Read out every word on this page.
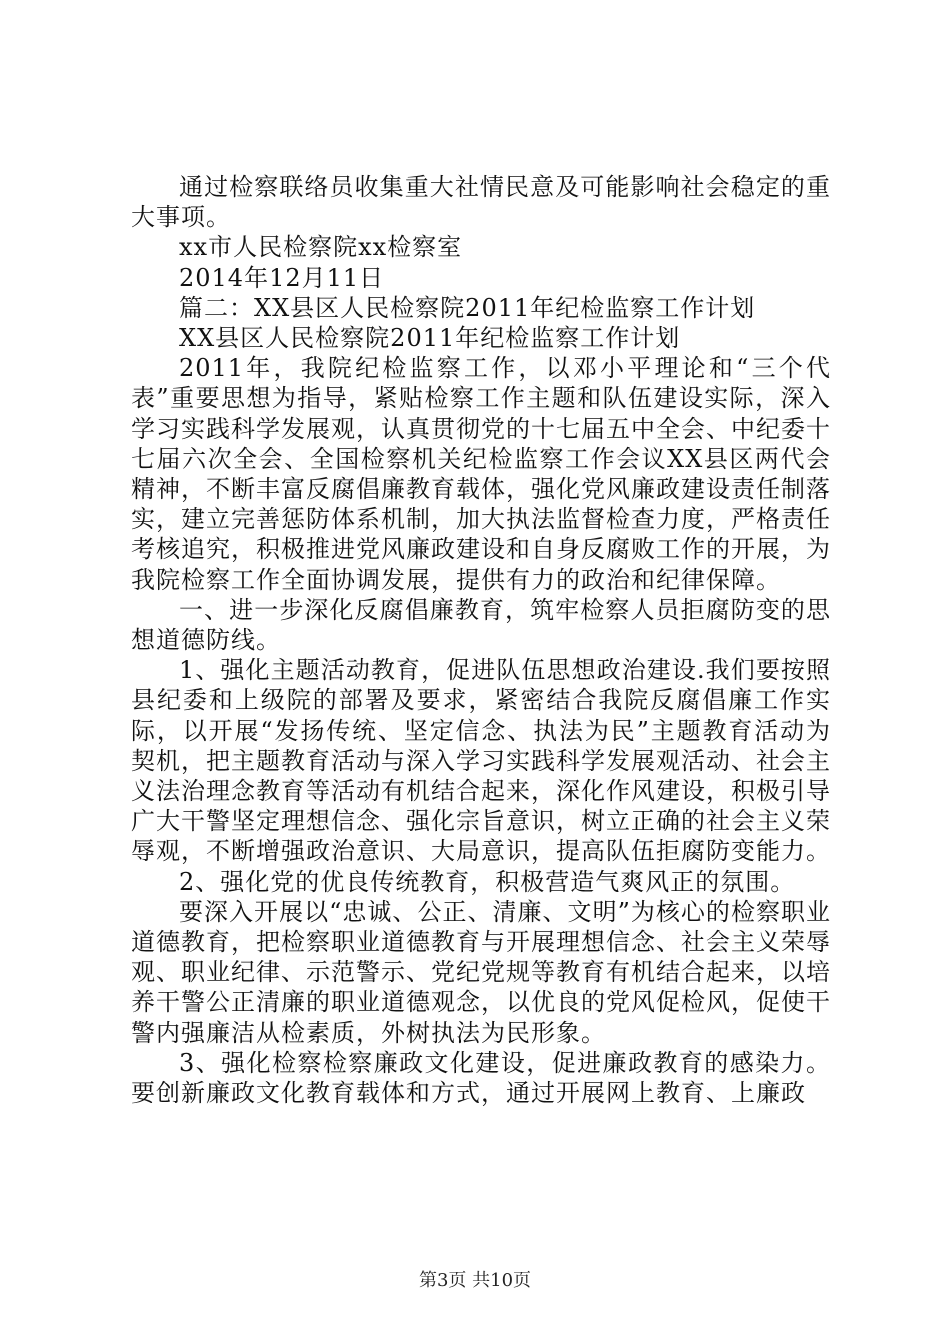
通过检察联络员收集重大社情民意及可能影响社会稳定的重大事项。

xx市人民检察院xx检察室

2014年12月11日

篇二：XX县区人民检察院2011年纪检监察工作计划

XX县区人民检察院2011年纪检监察工作计划

2011年，我院纪检监察工作，以邓小平理论和“三个代表”重要思想为指导，紧贴检察工作主题和队伍建设实际，深入学习实践科学发展观，认真贯彻党的十七届五中全会、中纪委十七届六次全会、全国检察机关纪检监察工作会议XX县区两代会精神，不断丰富反腐倡廉教育载体，强化党风廉政建设责任制落实，建立完善惩防体系机制，加大执法监督检查力度，严格责任考核追究，积极推进党风廉政建设和自身反腐败工作的开展，为我院检察工作全面协调发展，提供有力的政治和纪律保障。

一、进一步深化反腐倡廉教育，筑牢检察人员拒腐防变的思想道德防线。

1、强化主题活动教育，促进队伍思想政治建设.我们要按照县纪委和上级院的部署及要求，紧密结合我院反腐倡廉工作实际，以开展“发扬传统、坚定信念、执法为民”主题教育活动为契机，把主题教育活动与深入学习实践科学发展观活动、社会主义法治理念教育等活动有机结合起来，深化作风建设，积极引导广大干警坚定理想信念、强化宗旨意识，树立正确的社会主义荣辱观，不断增强政治意识、大局意识，提高队伍拒腐防变能力。

2、强化党的优良传统教育，积极营造气爽风正的氛围。

要深入开展以“忠诚、公正、清廉、文明”为核心的检察职业道德教育，把检察职业道德教育与开展理想信念、社会主义荣辱观、职业纪律、示范警示、党纪党规等教育有机结合起来，以培养干警公正清廉的职业道德观念，以优良的党风促检风，促使干警内强廉洁从检素质，外树执法为民形象。

3、强化检察检察廉政文化建设，促进廉政教育的感染力。要创新廉政文化教育载体和方式，通过开展网上教育、上廉政

第3页 共10页
